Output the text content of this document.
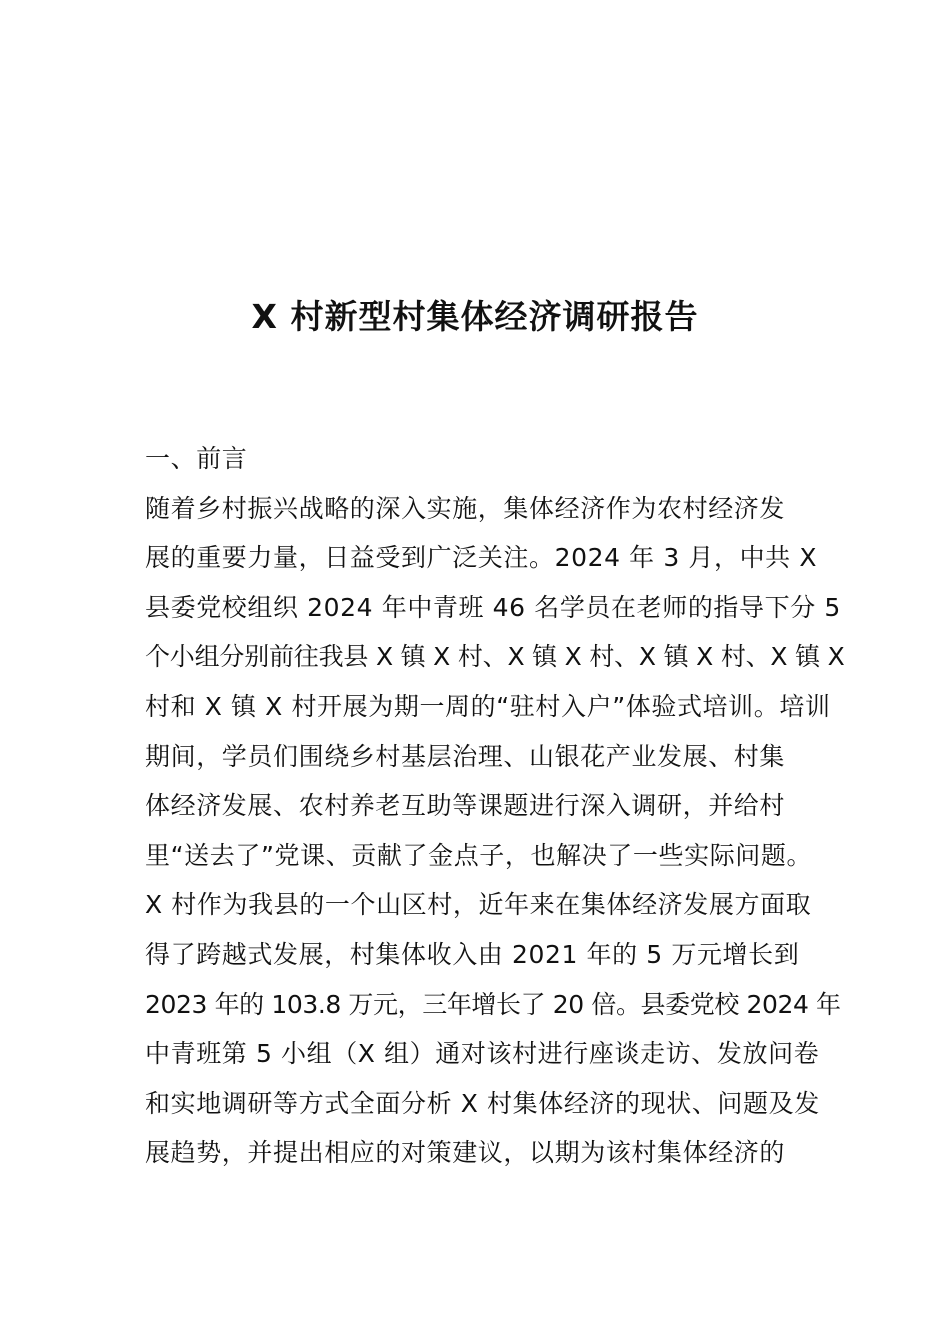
X 村新型村集体经济调研报告
一、前言
随着乡村振兴战略的深入实施，集体经济作为农村经济发
展的重要力量，日益受到广泛关注。2024 年 3 月，中共 X
县委党校组织 2024 年中青班 46 名学员在老师的指导下分 5
个小组分别前往我县 X 镇 X 村、X 镇 X 村、X 镇 X 村、X 镇 X
村和 X 镇 X 村开展为期一周的“驻村入户”体验式培训。培训
期间，学员们围绕乡村基层治理、山银花产业发展、村集
体经济发展、农村养老互助等课题进行深入调研，并给村
里“送去了”党课、贡献了金点子，也解决了一些实际问题。
X 村作为我县的一个山区村，近年来在集体经济发展方面取
得了跨越式发展，村集体收入由 2021 年的 5 万元增长到
2023 年的 103.8 万元，三年增长了 20 倍。县委党校 2024 年
中青班第 5 小组（X 组）通对该村进行座谈走访、发放问卷
和实地调研等方式全面分析 X 村集体经济的现状、问题及发
展趋势，并提出相应的对策建议，以期为该村集体经济的
